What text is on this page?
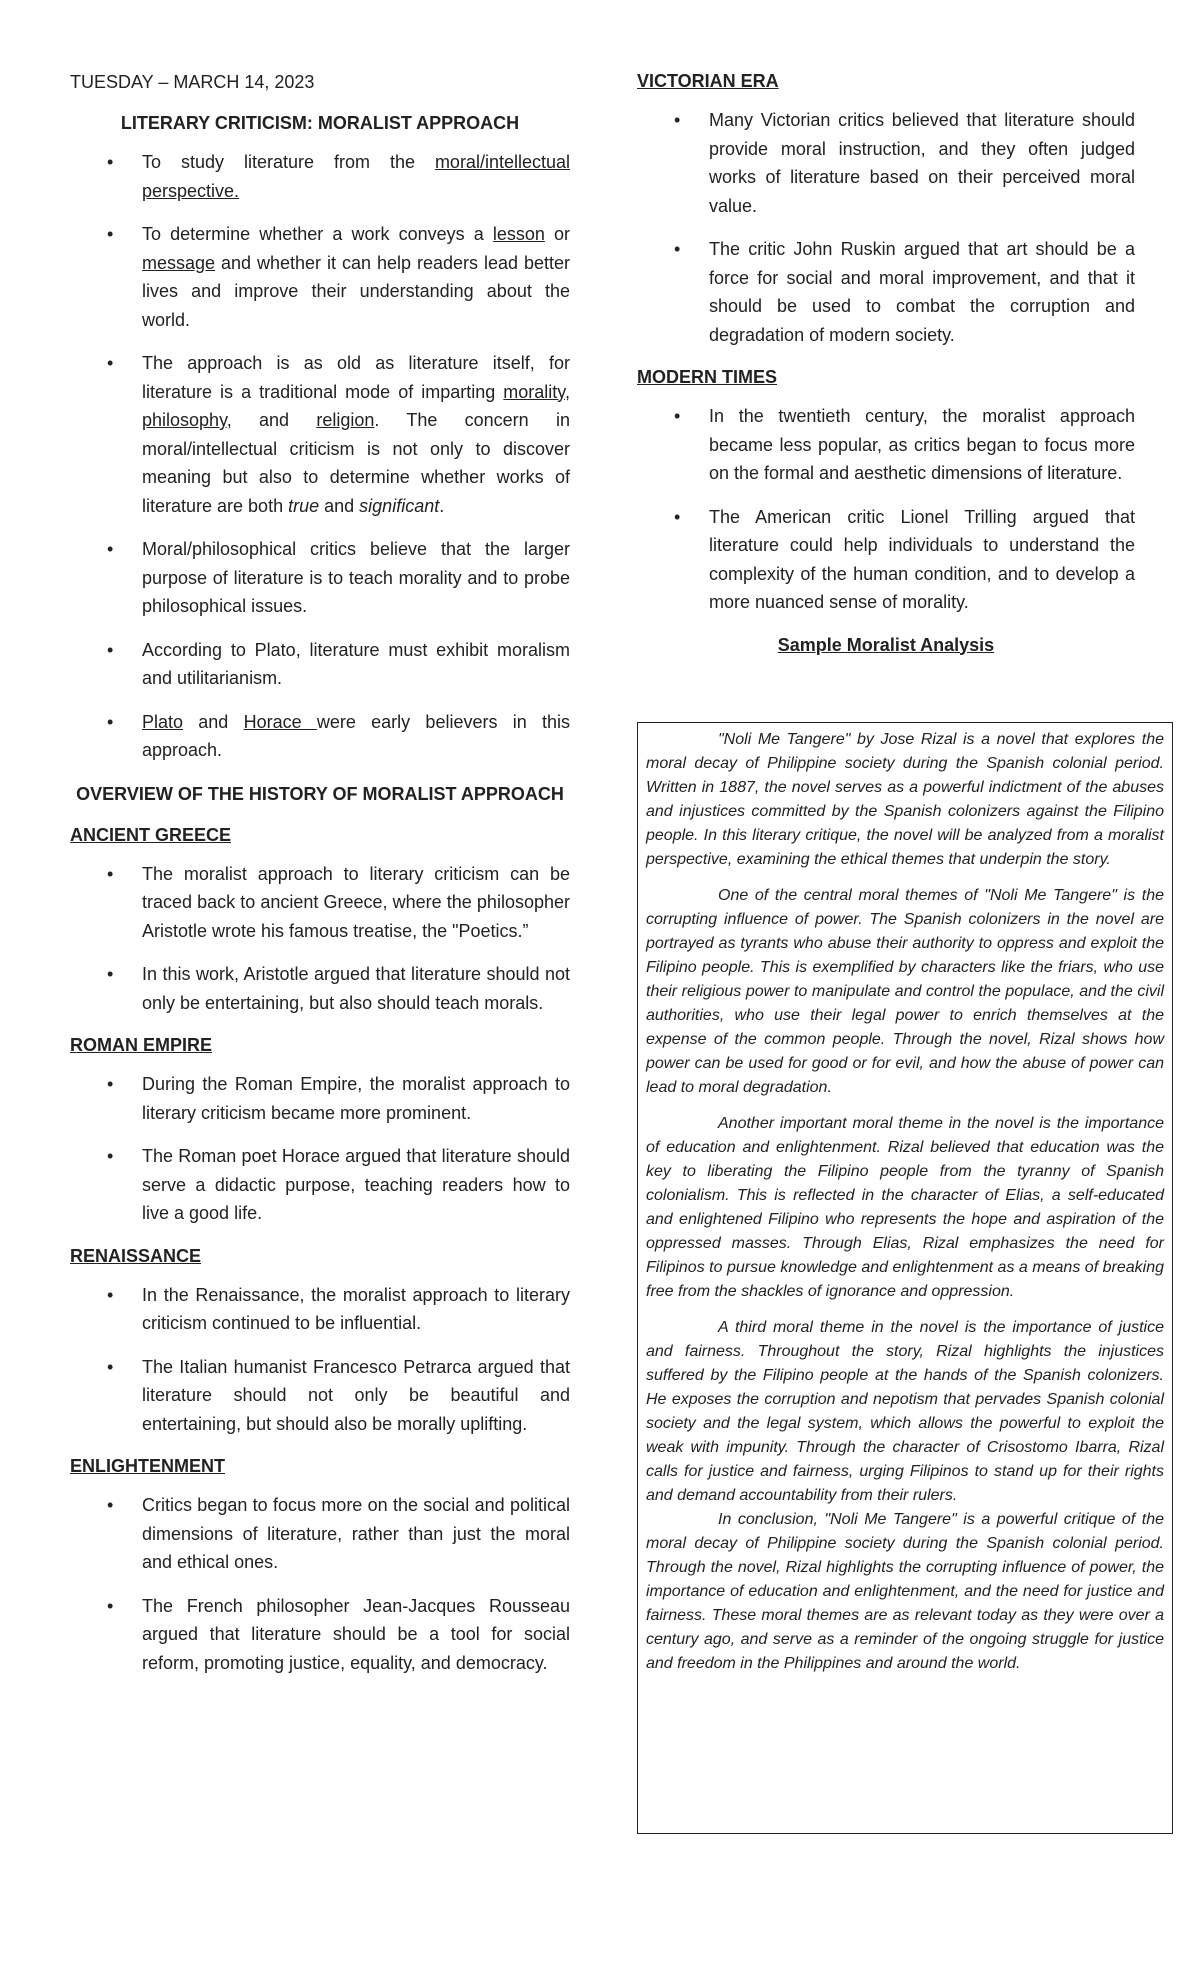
TUESDAY – MARCH 14, 2023
LITERARY CRITICISM: MORALIST APPROACH
• To study literature from the moral/intellectual perspective.
• To determine whether a work conveys a lesson or message and whether it can help readers lead better lives and improve their understanding about the world.
• The approach is as old as literature itself, for literature is a traditional mode of imparting morality, philosophy, and religion. The concern in moral/intellectual criticism is not only to discover meaning but also to determine whether works of literature are both true and significant.
• Moral/philosophical critics believe that the larger purpose of literature is to teach morality and to probe philosophical issues.
• According to Plato, literature must exhibit moralism and utilitarianism.
• Plato and Horace were early believers in this approach.
OVERVIEW OF THE HISTORY OF MORALIST APPROACH
ANCIENT GREECE
• The moralist approach to literary criticism can be traced back to ancient Greece, where the philosopher Aristotle wrote his famous treatise, the "Poetics.”
• In this work, Aristotle argued that literature should not only be entertaining, but also should teach morals.
ROMAN EMPIRE
• During the Roman Empire, the moralist approach to literary criticism became more prominent.
• The Roman poet Horace argued that literature should serve a didactic purpose, teaching readers how to live a good life.
RENAISSANCE
• In the Renaissance, the moralist approach to literary criticism continued to be influential.
• The Italian humanist Francesco Petrarca argued that literature should not only be beautiful and entertaining, but should also be morally uplifting.
ENLIGHTENMENT
• Critics began to focus more on the social and political dimensions of literature, rather than just the moral and ethical ones.
• The French philosopher Jean-Jacques Rousseau argued that literature should be a tool for social reform, promoting justice, equality, and democracy.
VICTORIAN ERA
• Many Victorian critics believed that literature should provide moral instruction, and they often judged works of literature based on their perceived moral value.
• The critic John Ruskin argued that art should be a force for social and moral improvement, and that it should be used to combat the corruption and degradation of modern society.
MODERN TIMES
• In the twentieth century, the moralist approach became less popular, as critics began to focus more on the formal and aesthetic dimensions of literature.
• The American critic Lionel Trilling argued that literature could help individuals to understand the complexity of the human condition, and to develop a more nuanced sense of morality.
Sample Moralist Analysis

"Noli Me Tangere" by Jose Rizal is a novel that explores the moral decay of Philippine society during the Spanish colonial period. Written in 1887, the novel serves as a powerful indictment of the abuses and injustices committed by the Spanish colonizers against the Filipino people. In this literary critique, the novel will be analyzed from a moralist perspective, examining the ethical themes that underpin the story.

One of the central moral themes of "Noli Me Tangere" is the corrupting influence of power. The Spanish colonizers in the novel are portrayed as tyrants who abuse their authority to oppress and exploit the Filipino people. This is exemplified by characters like the friars, who use their religious power to manipulate and control the populace, and the civil authorities, who use their legal power to enrich themselves at the expense of the common people. Through the novel, Rizal shows how power can be used for good or for evil, and how the abuse of power can lead to moral degradation.

Another important moral theme in the novel is the importance of education and enlightenment. Rizal believed that education was the key to liberating the Filipino people from the tyranny of Spanish colonialism. This is reflected in the character of Elias, a self-educated and enlightened Filipino who represents the hope and aspiration of the oppressed masses. Through Elias, Rizal emphasizes the need for Filipinos to pursue knowledge and enlightenment as a means of breaking free from the shackles of ignorance and oppression.

A third moral theme in the novel is the importance of justice and fairness. Throughout the story, Rizal highlights the injustices suffered by the Filipino people at the hands of the Spanish colonizers. He exposes the corruption and nepotism that pervades Spanish colonial society and the legal system, which allows the powerful to exploit the weak with impunity. Through the character of Crisostomo Ibarra, Rizal calls for justice and fairness, urging Filipinos to stand up for their rights and demand accountability from their rulers.

In conclusion, "Noli Me Tangere" is a powerful critique of the moral decay of Philippine society during the Spanish colonial period. Through the novel, Rizal highlights the corrupting influence of power, the importance of education and enlightenment, and the need for justice and fairness. These moral themes are as relevant today as they were over a century ago, and serve as a reminder of the ongoing struggle for justice and freedom in the Philippines and around the world.
